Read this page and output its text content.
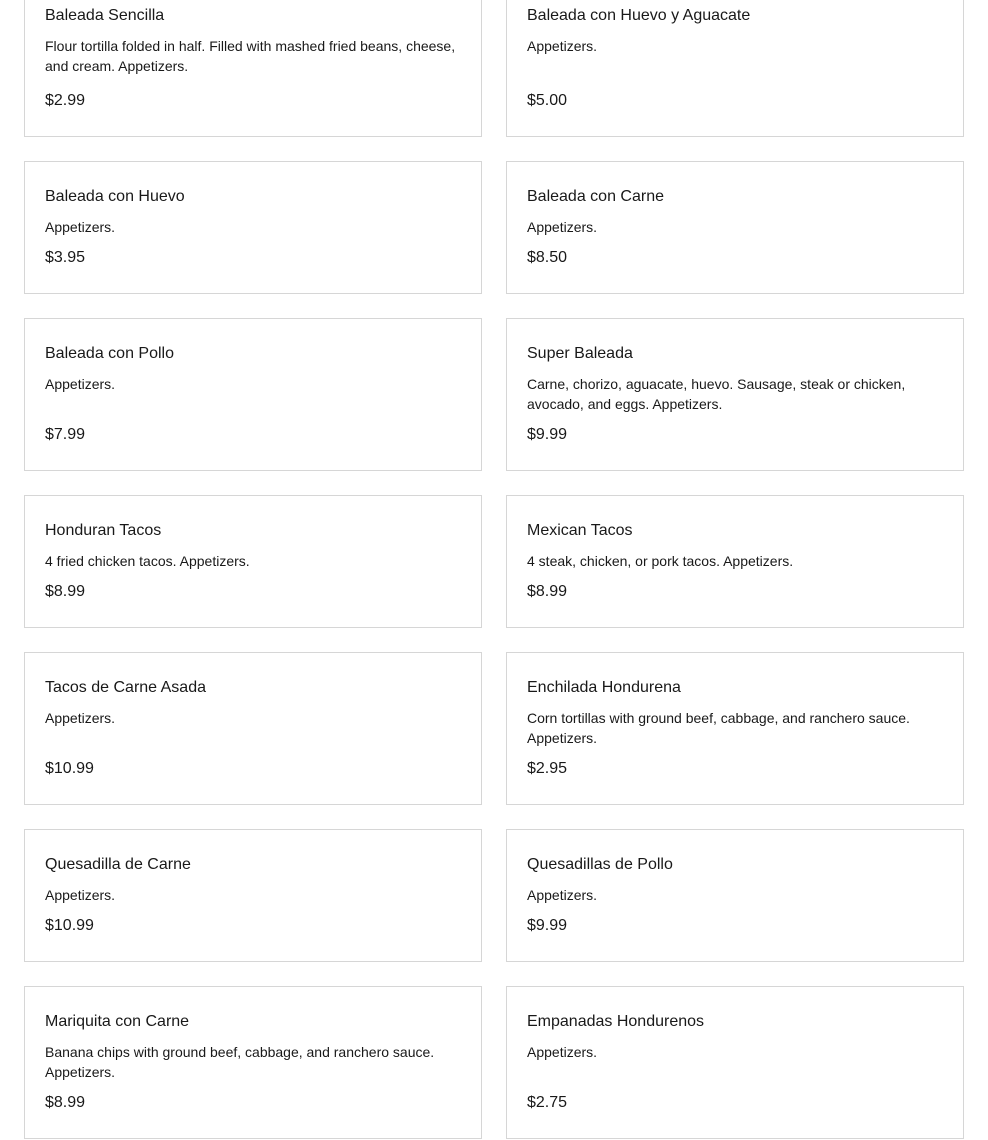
Baleada Sencilla
Flour tortilla folded in half. Filled with mashed fried beans, cheese, and cream. Appetizers.
$2.99
Baleada con Huevo y Aguacate
Appetizers.
$5.00
Baleada con Huevo
Appetizers.
$3.95
Baleada con Carne
Appetizers.
$8.50
Baleada con Pollo
Appetizers.
$7.99
Super Baleada
Carne, chorizo, aguacate, huevo. Sausage, steak or chicken, avocado, and eggs. Appetizers.
$9.99
Honduran Tacos
4 fried chicken tacos. Appetizers.
$8.99
Mexican Tacos
4 steak, chicken, or pork tacos. Appetizers.
$8.99
Tacos de Carne Asada
Appetizers.
$10.99
Enchilada Hondurena
Corn tortillas with ground beef, cabbage, and ranchero sauce. Appetizers.
$2.95
Quesadilla de Carne
Appetizers.
$10.99
Quesadillas de Pollo
Appetizers.
$9.99
Mariquita con Carne
Banana chips with ground beef, cabbage, and ranchero sauce. Appetizers.
$8.99
Empanadas Hondurenos
Appetizers.
$2.75
